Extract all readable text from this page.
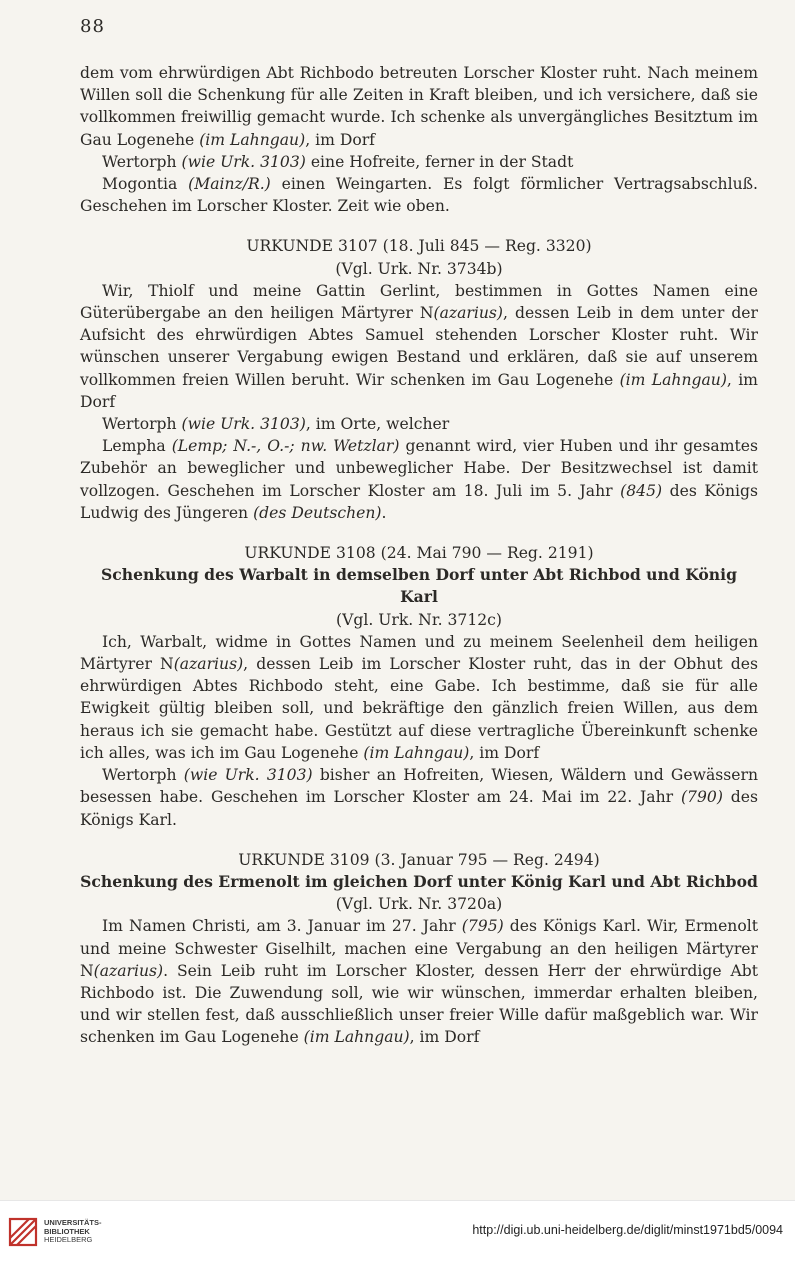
88

dem vom ehrwürdigen Abt Richbodo betreuten Lorscher Kloster ruht. Nach meinem Willen soll die Schenkung für alle Zeiten in Kraft bleiben, und ich versichere, daß sie vollkommen freiwillig gemacht wurde. Ich schenke als unvergängliches Besitztum im Gau Logenehe (im Lahngau), im Dorf

Wertorph (wie Urk. 3103) eine Hofreite, ferner in der Stadt

Mogontia (Mainz/R.) einen Weingarten. Es folgt förmlicher Vertragsabschluß. Geschehen im Lorscher Kloster. Zeit wie oben.

URKUNDE 3107 (18. Juli 845 — Reg. 3320)

(Vgl. Urk. Nr. 3734b)

Wir, Thiolf und meine Gattin Gerlint, bestimmen in Gottes Namen eine Güterübergabe an den heiligen Märtyrer N(azarius), dessen Leib in dem unter der Aufsicht des ehrwürdigen Abtes Samuel stehenden Lorscher Kloster ruht. Wir wünschen unserer Vergabung ewigen Bestand und erklären, daß sie auf unserem vollkommen freien Willen beruht. Wir schenken im Gau Logenehe (im Lahngau), im Dorf

Wertorph (wie Urk. 3103), im Orte, welcher

Lempha (Lemp; N.-, O.-; nw. Wetzlar) genannt wird, vier Huben und ihr gesamtes Zubehör an beweglicher und unbeweglicher Habe. Der Besitzwechsel ist damit vollzogen. Geschehen im Lorscher Kloster am 18. Juli im 5. Jahr (845) des Königs Ludwig des Jüngeren (des Deutschen).

URKUNDE 3108 (24. Mai 790 — Reg. 2191)

Schenkung des Warbalt in demselben Dorf unter Abt Richbod und König Karl

(Vgl. Urk. Nr. 3712c)

Ich, Warbalt, widme in Gottes Namen und zu meinem Seelenheil dem heiligen Märtyrer N(azarius), dessen Leib im Lorscher Kloster ruht, das in der Obhut des ehrwürdigen Abtes Richbodo steht, eine Gabe. Ich bestimme, daß sie für alle Ewigkeit gültig bleiben soll, und bekräftige den gänzlich freien Willen, aus dem heraus ich sie gemacht habe. Gestützt auf diese vertragliche Übereinkunft schenke ich alles, was ich im Gau Logenehe (im Lahngau), im Dorf

Wertorph (wie Urk. 3103) bisher an Hofreiten, Wiesen, Wäldern und Gewässern besessen habe. Geschehen im Lorscher Kloster am 24. Mai im 22. Jahr (790) des Königs Karl.

URKUNDE 3109 (3. Januar 795 — Reg. 2494)

Schenkung des Ermenolt im gleichen Dorf unter König Karl und Abt Richbod

(Vgl. Urk. Nr. 3720a)

Im Namen Christi, am 3. Januar im 27. Jahr (795) des Königs Karl. Wir, Ermenolt und meine Schwester Giselhilt, machen eine Vergabung an den heiligen Märtyrer N(azarius). Sein Leib ruht im Lorscher Kloster, dessen Herr der ehrwürdige Abt Richbodo ist. Die Zuwendung soll, wie wir wünschen, immerdar erhalten bleiben, und wir stellen fest, daß ausschließlich unser freier Wille dafür maßgeblich war. Wir schenken im Gau Logenehe (im Lahngau), im Dorf

UNIVERSITÄTS-
BIBLIOTHEK
HEIDELBERG
http://digi.ub.uni-heidelberg.de/diglit/minst1971bd5/0094
